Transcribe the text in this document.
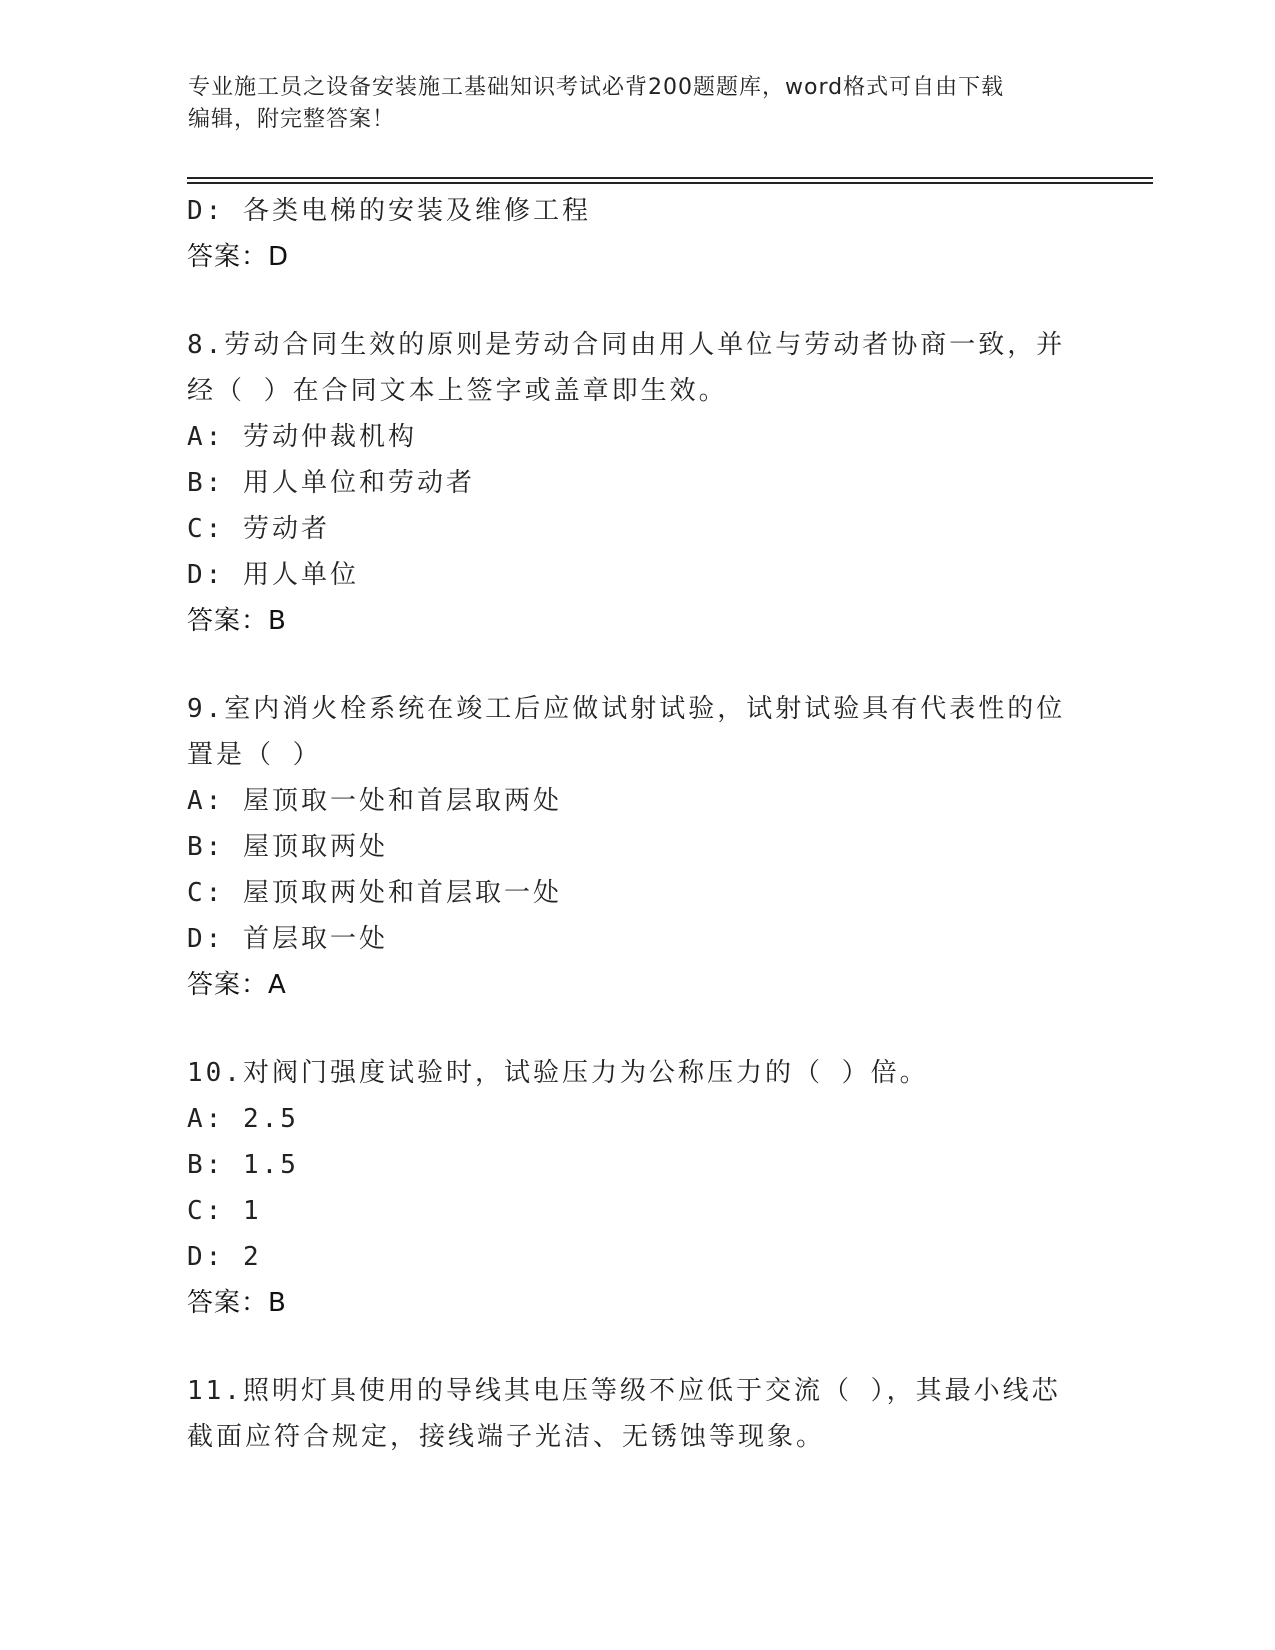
专业施工员之设备安装施工基础知识考试必背200题题库，word格式可自由下载
编辑，附完整答案！
D: 各类电梯的安装及维修工程
答案：D
8.劳动合同生效的原则是劳动合同由用人单位与劳动者协商一致，并
经（ ）在合同文本上签字或盖章即生效。
A: 劳动仲裁机构
B: 用人单位和劳动者
C: 劳动者
D: 用人单位
答案：B
9.室内消火栓系统在竣工后应做试射试验，试射试验具有代表性的位
置是（ ）
A: 屋顶取一处和首层取两处
B: 屋顶取两处
C: 屋顶取两处和首层取一处
D: 首层取一处
答案：A
10.对阀门强度试验时，试验压力为公称压力的（ ）倍。
A: 2.5
B: 1.5
C: 1
D: 2
答案：B
11.照明灯具使用的导线其电压等级不应低于交流（ ），其最小线芯
截面应符合规定，接线端子光洁、无锈蚀等现象。
